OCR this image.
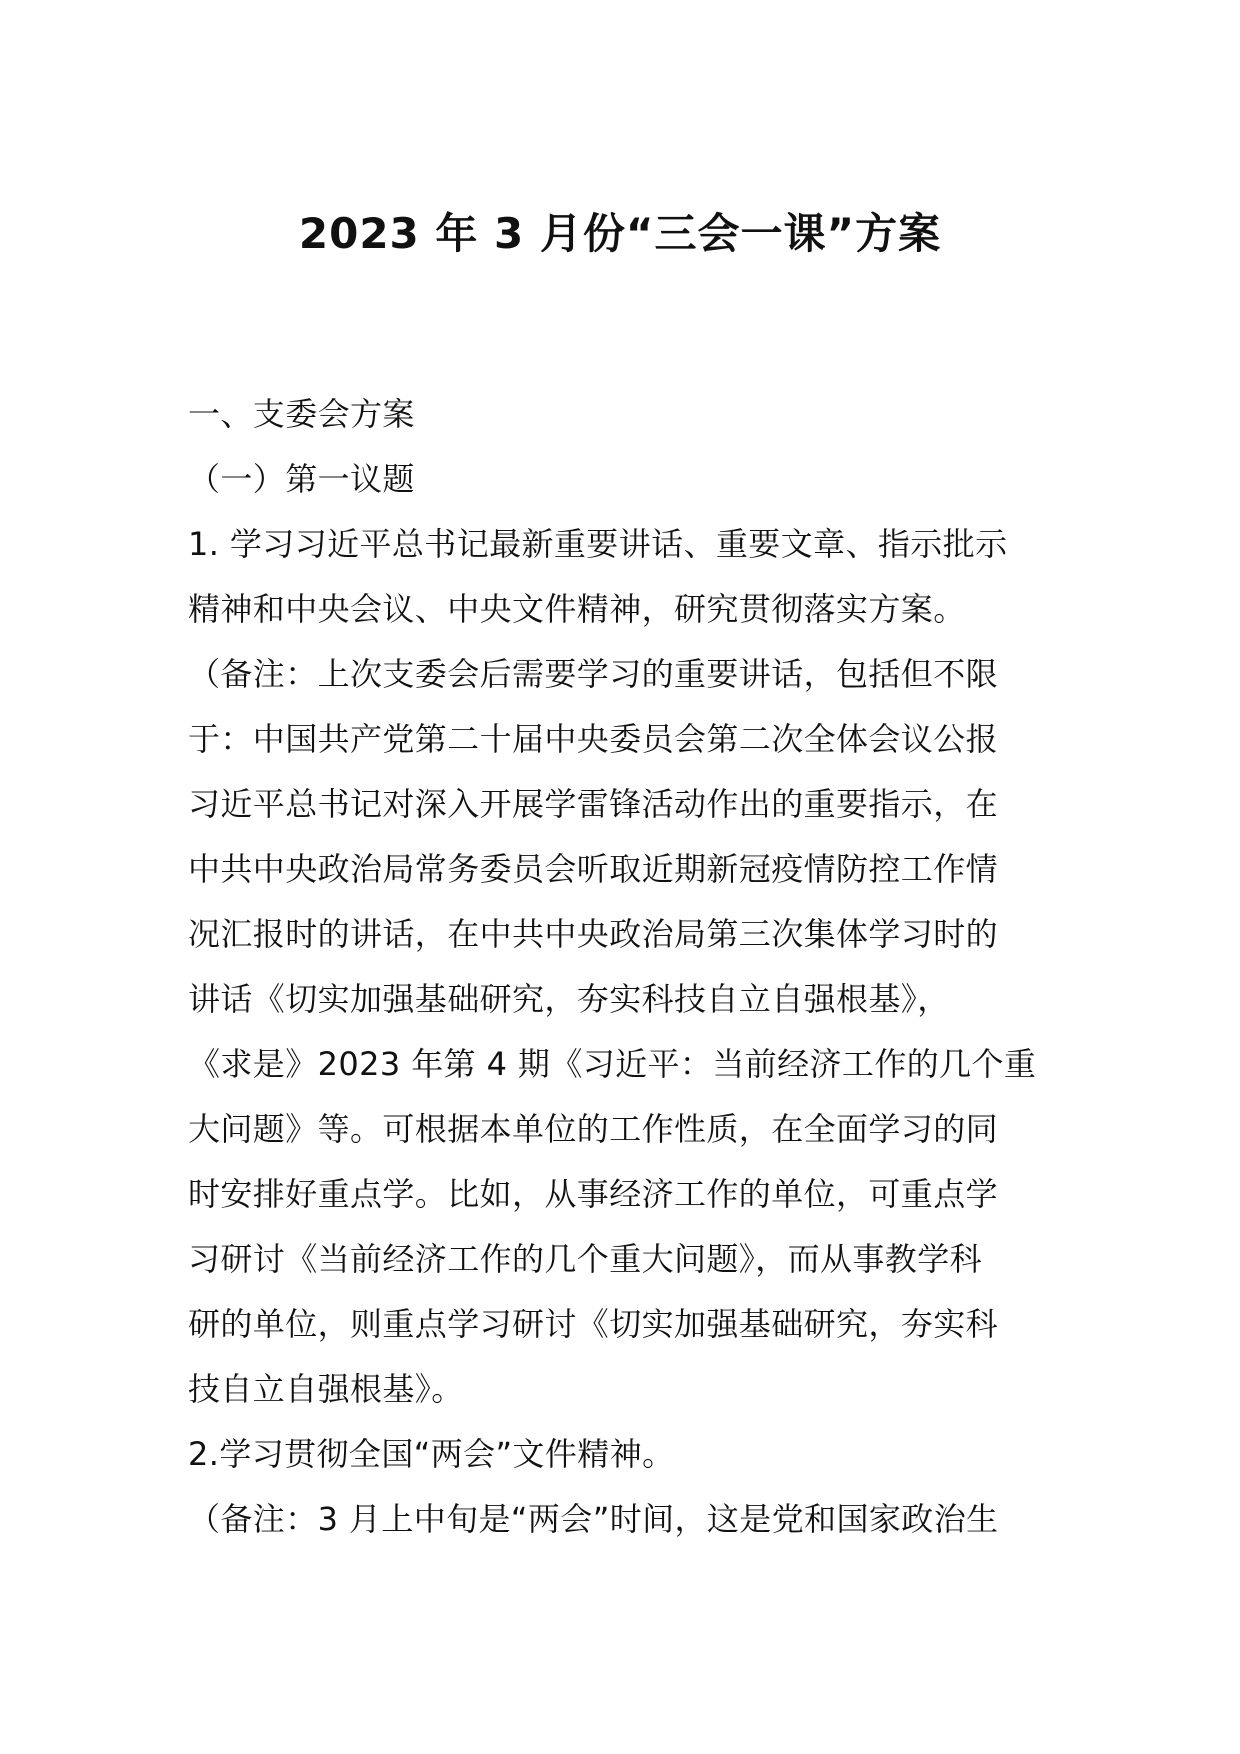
2023 年 3 月份“三会一课”方案
一、支委会方案
（一）第一议题
1. 学习习近平总书记最新重要讲话、重要文章、指示批示
精神和中央会议、中央文件精神，研究贯彻落实方案。
（备注：上次支委会后需要学习的重要讲话，包括但不限
于：中国共产党第二十届中央委员会第二次全体会议公报
习近平总书记对深入开展学雷锋活动作出的重要指示，在
中共中央政治局常务委员会听取近期新冠疫情防控工作情
况汇报时的讲话，在中共中央政治局第三次集体学习时的
讲话《切实加强基础研究，夯实科技自立自强根基》，
《求是》2023 年第 4 期《习近平：当前经济工作的几个重
大问题》等。可根据本单位的工作性质，在全面学习的同
时安排好重点学。比如，从事经济工作的单位，可重点学
习研讨《当前经济工作的几个重大问题》，而从事教学科
研的单位，则重点学习研讨《切实加强基础研究，夯实科
技自立自强根基》。
2.学习贯彻全国“两会”文件精神。
（备注：3 月上中旬是“两会”时间，这是党和国家政治生
